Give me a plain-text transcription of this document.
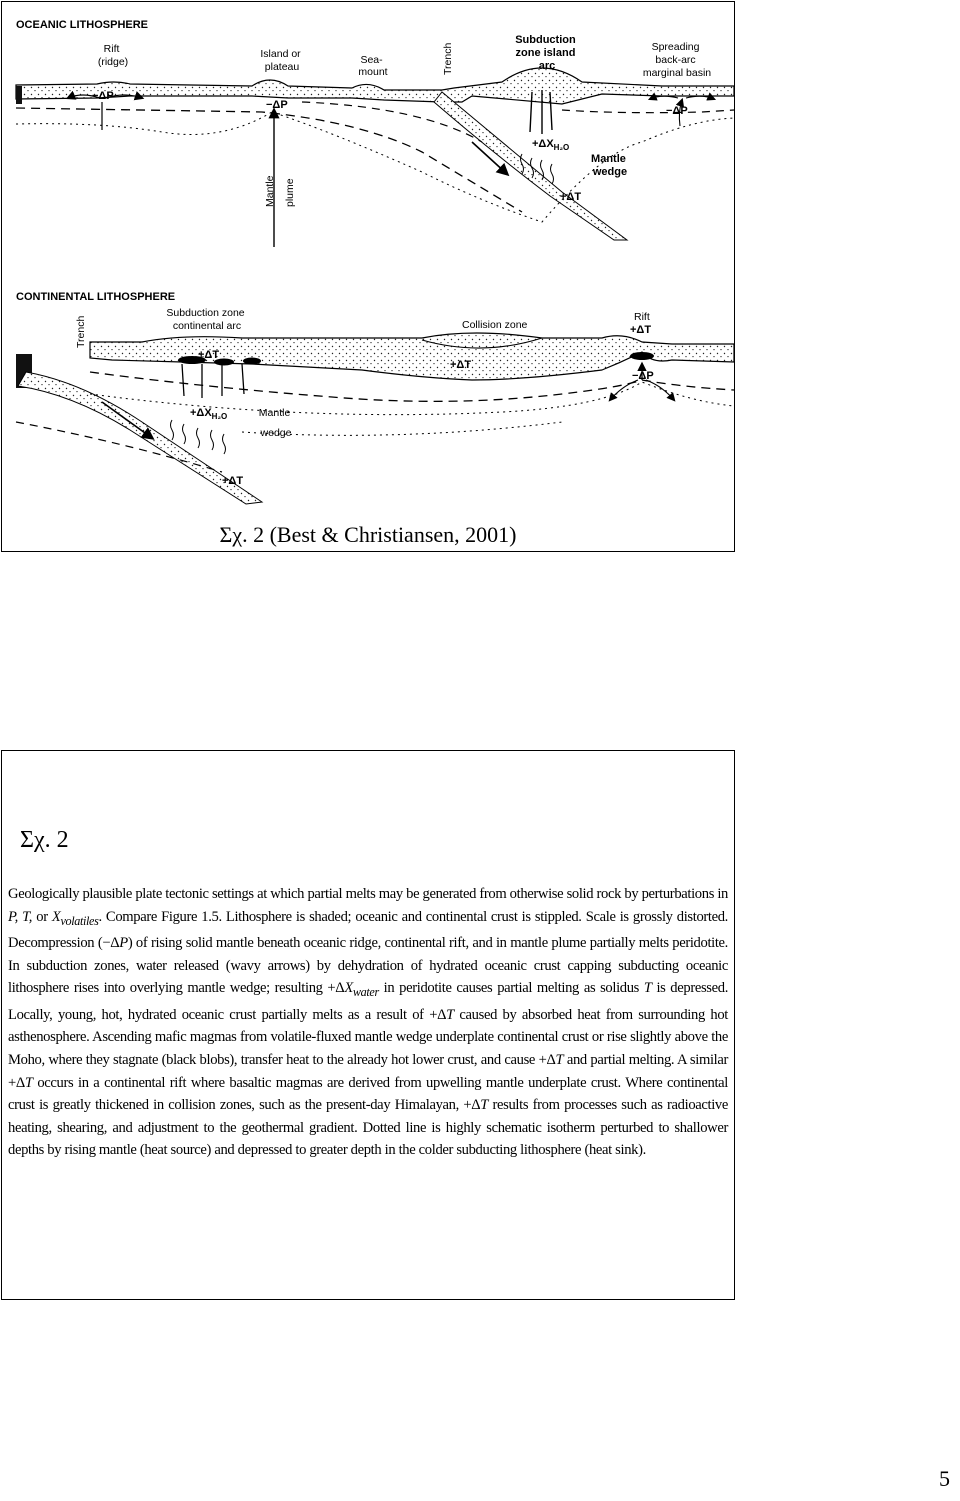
OCEANIC LITHOSPHERE
Rift (ridge)
Island or plateau
Sea- mount	Trench
Subduction zone island arc
Spreading back-arc marginal basin
−ΔP
−ΔP	−ΔP
Mantle plume
$+\Delta X_{H_2O}$
Mantle wedge
+ΔT
CONTINENTAL LITHOSPHERE
Trench
Subduction zone continental arc	Collision zone
Rift
+ΔT
−ΔP
+ΔT
+ΔT
$+\Delta X_{H_2O}$	Mantle wedge
+ΔT
Σχ. 2 (Best & Christiansen, 2001)
Σχ. 2
Geologically plausible plate tectonic settings at which partial melts may be generated from otherwise solid rock by perturbations in P, T, or $X_{volatiles}$. Compare Figure 1.5. Lithosphere is shaded; oceanic and continental crust is stippled. Scale is grossly distorted. Decompression (−ΔP) of rising solid mantle beneath oceanic ridge, continental rift, and in mantle plume partially melts peridotite. In subduction zones, water released (wavy arrows) by dehydration of hydrated oceanic crust capping subducting oceanic lithosphere rises into overlying mantle wedge; resulting $+\Delta X_{water}$ in peridotite causes partial melting as solidus T is depressed. Locally, young, hot, hydrated oceanic crust partially melts as a result of +ΔT caused by absorbed heat from surrounding hot asthenosphere. Ascending mafic magmas from volatile-fluxed mantle wedge underplate continental crust or rise slightly above the Moho, where they stagnate (black blobs), transfer heat to the already hot lower crust, and cause +ΔT and partial melting. A similar +ΔT occurs in a continental rift where basaltic magmas are derived from upwelling mantle underplate crust. Where continental crust is greatly thickened in collision zones, such as the present-day Himalayan, +ΔT results from processes such as radioactive heating, shearing, and adjustment to the geothermal gradient. Dotted line is highly schematic isotherm perturbed to shallower depths by rising mantle (heat source) and depressed to greater depth in the colder subducting lithosphere (heat sink).
5
